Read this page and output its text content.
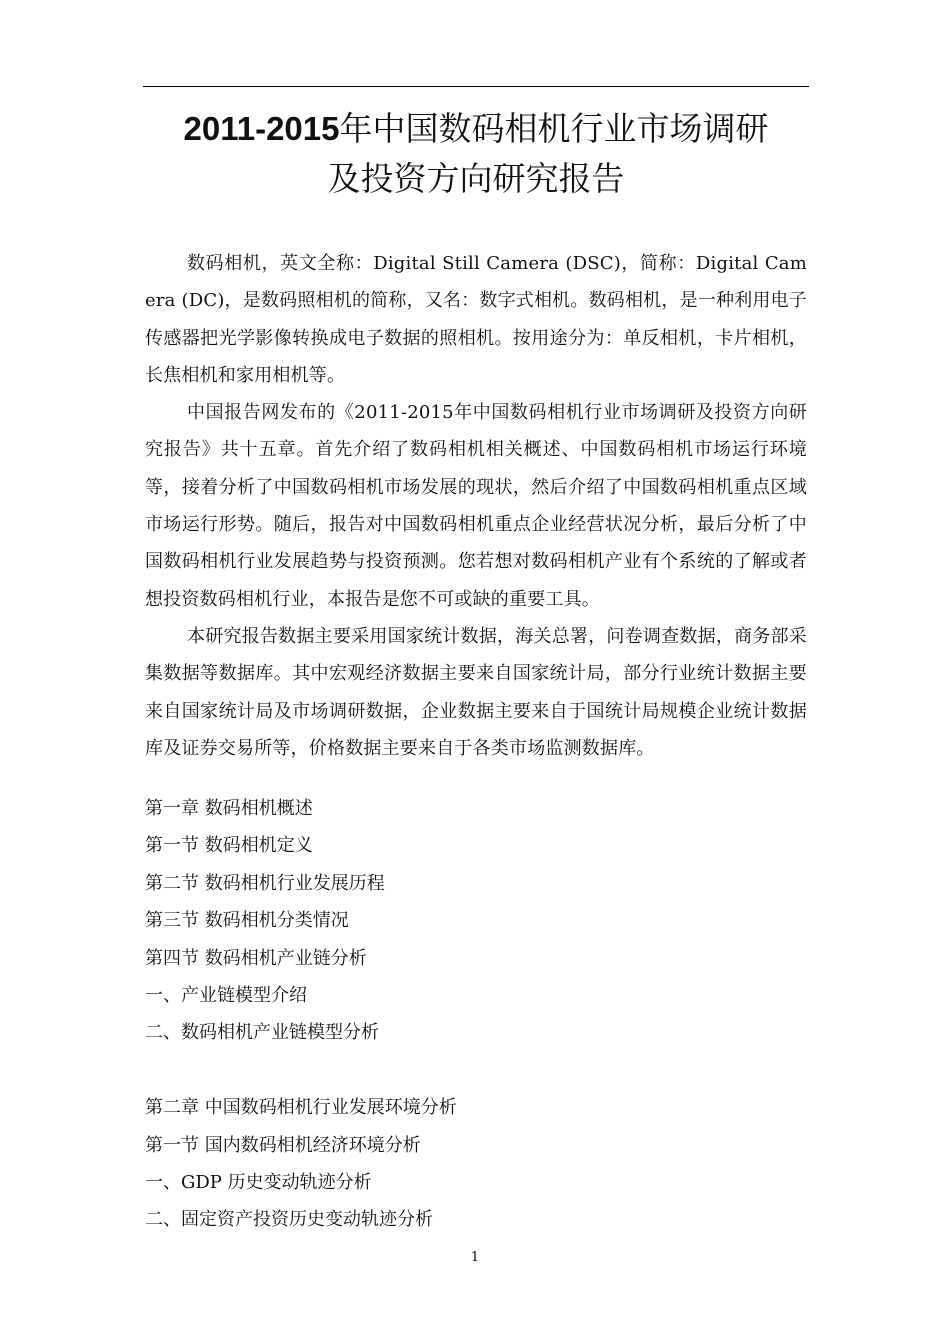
2011-2015年中国数码相机行业市场调研
及投资方向研究报告

数码相机，英文全称：Digital Still Camera (DSC)，简称：Digital Camera (DC)，是数码照相机的简称，又名：数字式相机。数码相机，是一种利用电子传感器把光学影像转换成电子数据的照相机。按用途分为：单反相机，卡片相机，长焦相机和家用相机等。

中国报告网发布的《2011-2015年中国数码相机行业市场调研及投资方向研究报告》共十五章。首先介绍了数码相机相关概述、中国数码相机市场运行环境等，接着分析了中国数码相机市场发展的现状，然后介绍了中国数码相机重点区域市场运行形势。随后，报告对中国数码相机重点企业经营状况分析，最后分析了中国数码相机行业发展趋势与投资预测。您若想对数码相机产业有个系统的了解或者想投资数码相机行业，本报告是您不可或缺的重要工具。

本研究报告数据主要采用国家统计数据，海关总署，问卷调查数据，商务部采集数据等数据库。其中宏观经济数据主要来自国家统计局，部分行业统计数据主要来自国家统计局及市场调研数据，企业数据主要来自于国统计局规模企业统计数据库及证券交易所等，价格数据主要来自于各类市场监测数据库。

第一章 数码相机概述
第一节 数码相机定义
第二节 数码相机行业发展历程
第三节 数码相机分类情况
第四节 数码相机产业链分析
一、产业链模型介绍
二、数码相机产业链模型分析
第二章 中国数码相机行业发展环境分析
第一节 国内数码相机经济环境分析
一、GDP 历史变动轨迹分析
二、固定资产投资历史变动轨迹分析
1
